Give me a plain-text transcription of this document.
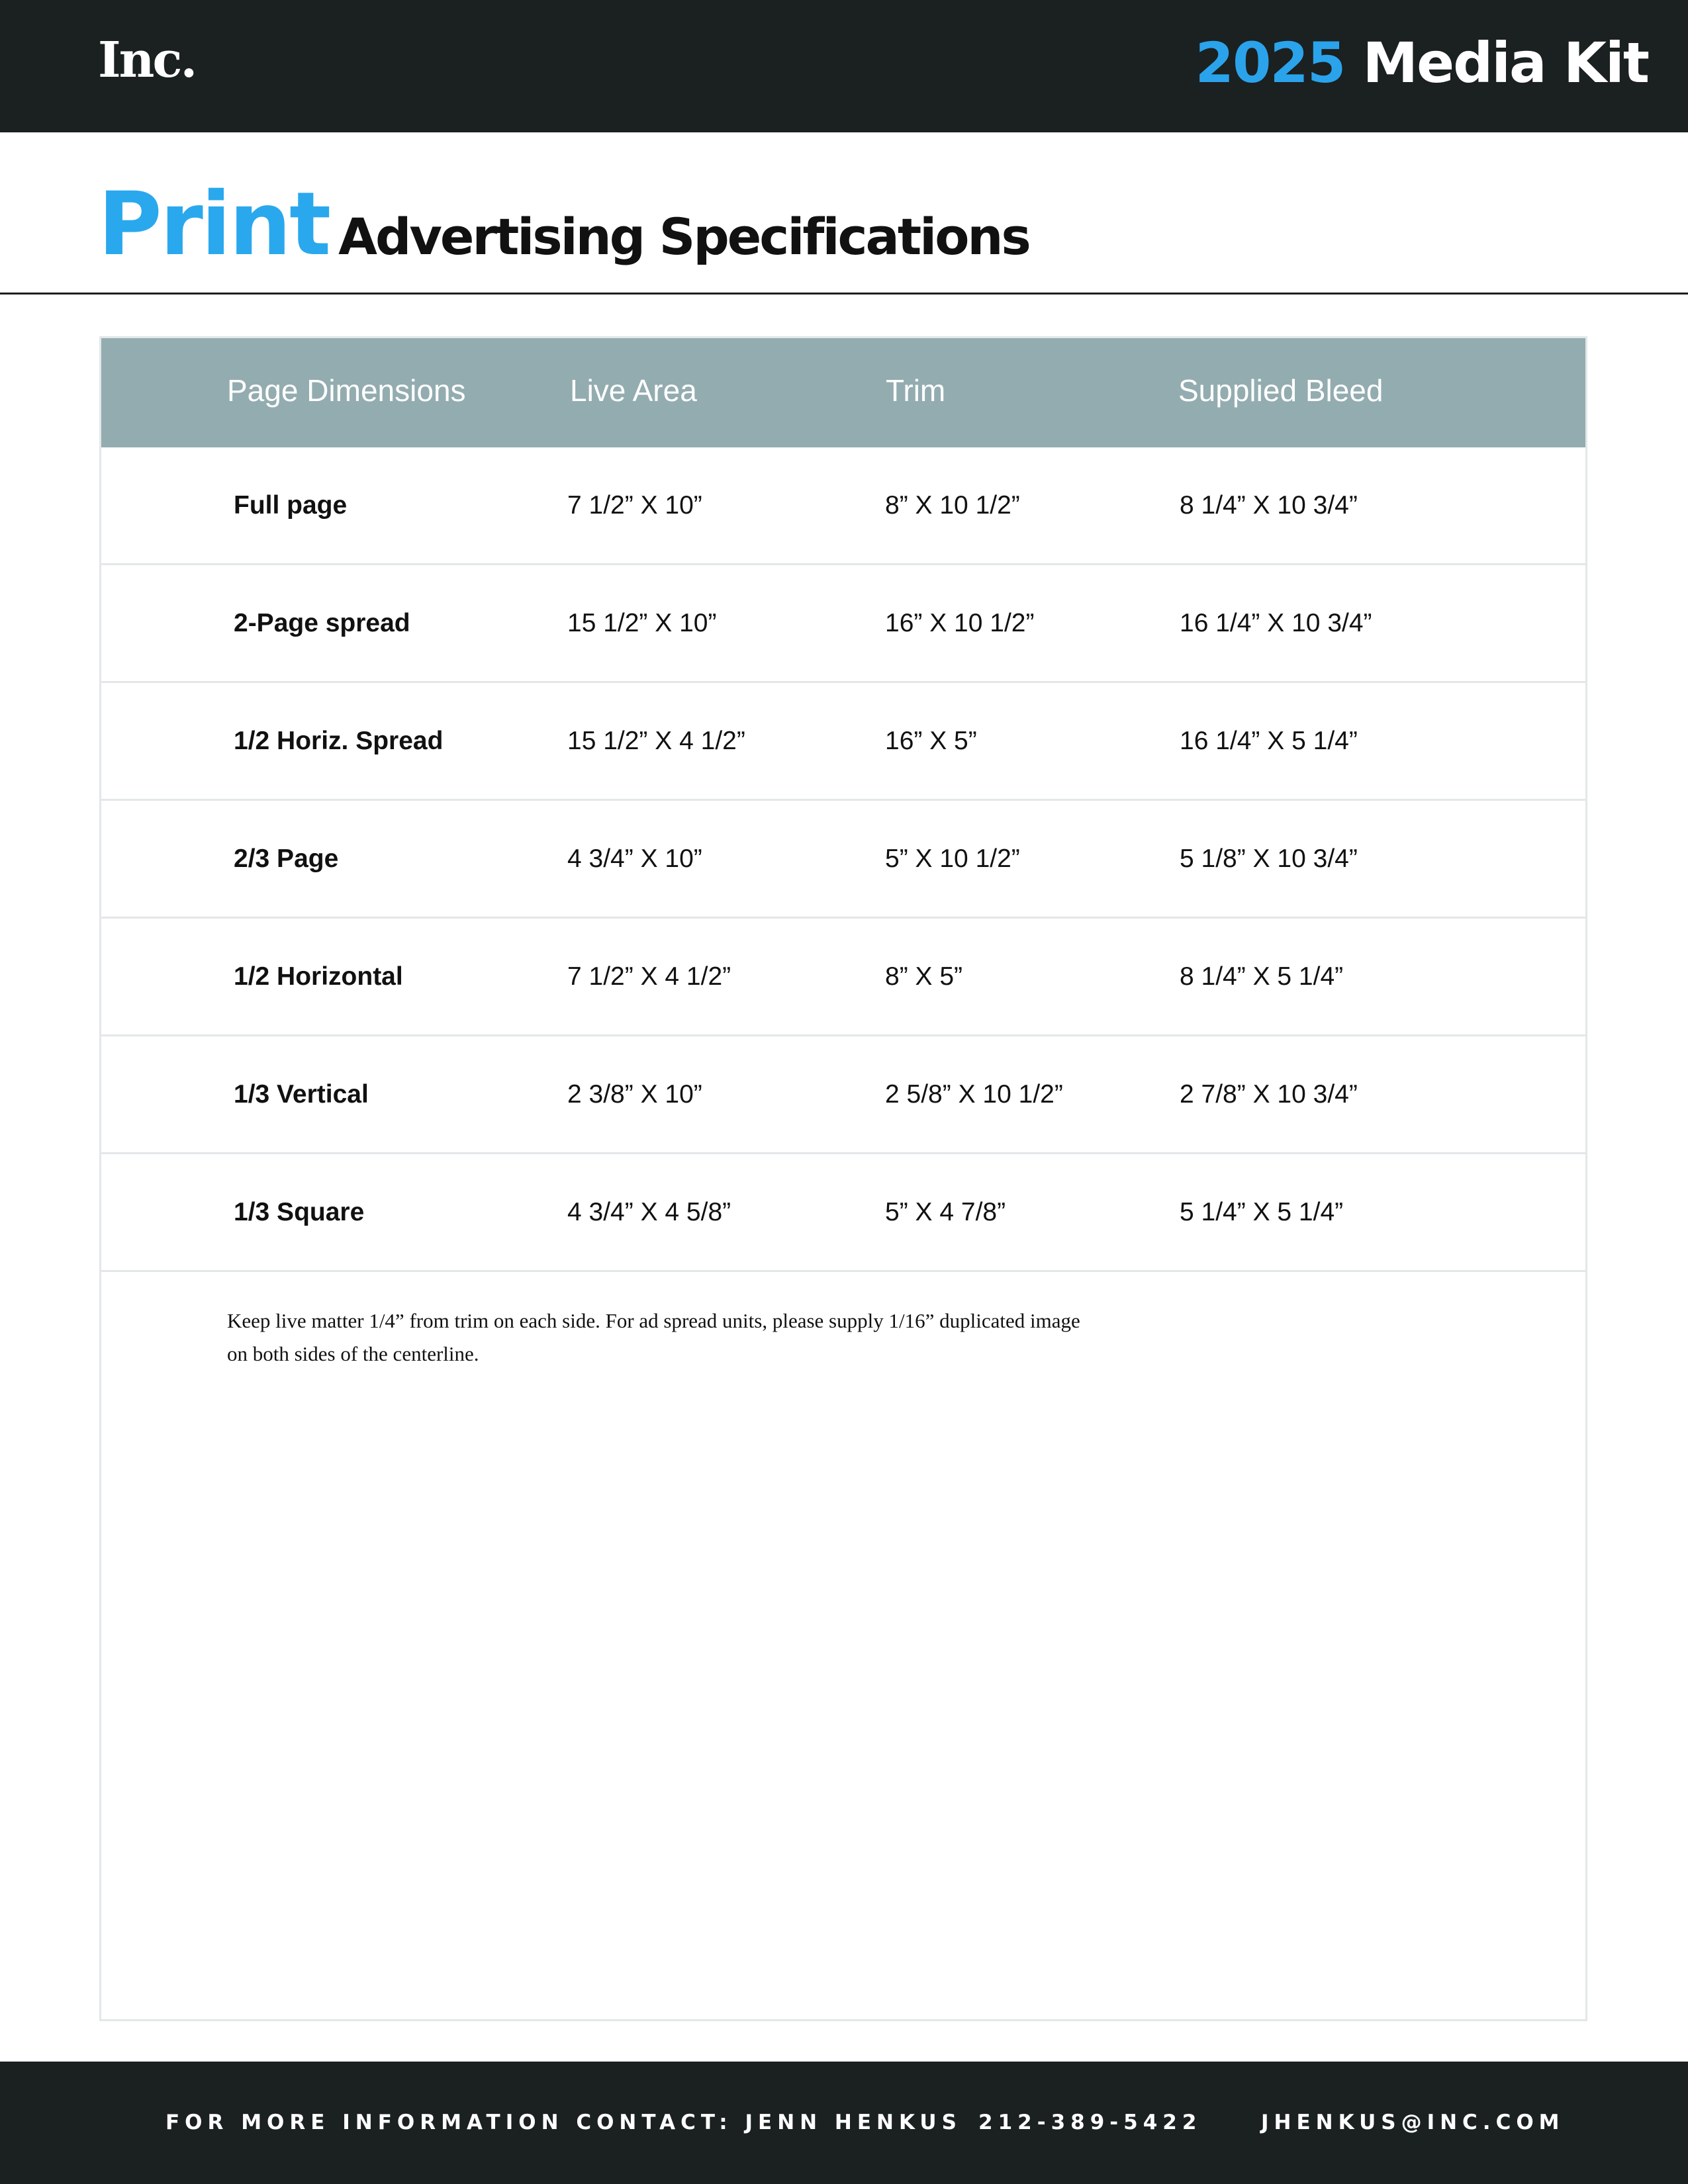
Inc.	2025 Media Kit
Print Advertising Specifications
Page Dimensions	Live Area	Trim	Supplied Bleed
Full page	7 1/2” X 10”	8” X 10 1/2”	8 1/4” X 10 3/4”
2-Page spread	15 1/2” X 10”	16” X 10 1/2”	16 1/4” X 10 3/4”
1/2 Horiz. Spread	15 1/2” X 4 1/2”	16” X 5”	16 1/4” X 5 1/4”
2/3 Page	4 3/4” X 10”	5” X 10 1/2”	5 1/8” X 10 3/4”
1/2 Horizontal	7 1/2” X 4 1/2”	8” X 5”	8 1/4” X 5 1/4”
1/3 Vertical	2 3/8” X 10”	2 5/8” X 10 1/2”	2 7/8” X 10 3/4”
1/3 Square	4 3/4” X 4 5/8”	5” X 4 7/8”	5 1/4” X 5 1/4”
Keep live matter 1/4” from trim on each side. For ad spread units, please supply 1/16” duplicated image on both sides of the centerline.
FOR MORE INFORMATION CONTACT: JENN HENKUS 212-389-5422	JHENKUS@INC.COM
